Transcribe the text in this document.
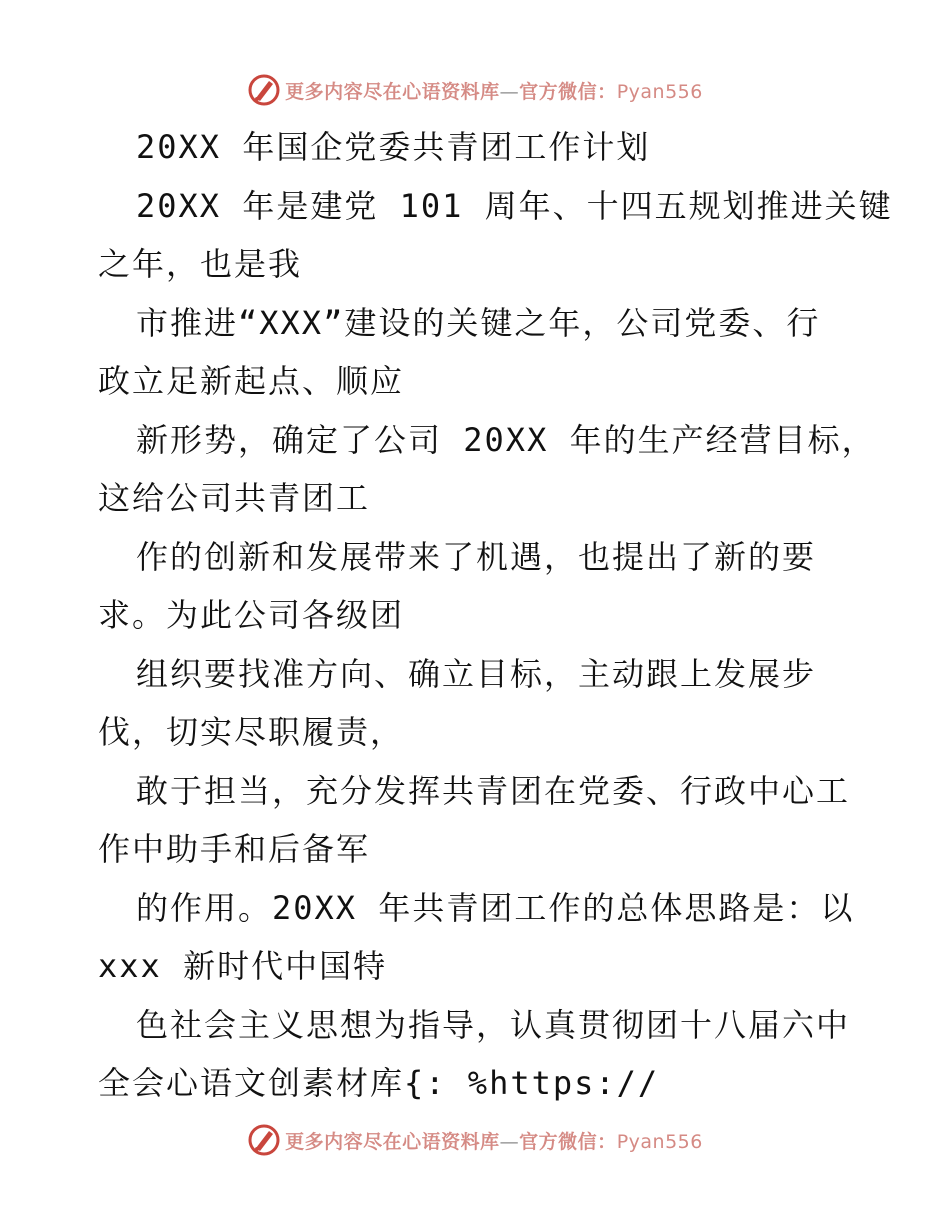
更多内容尽在心语资料库—官方微信：Pyan556
20XX 年国企党委共青团工作计划
20XX 年是建党 101 周年、十四五规划推进关键
之年，也是我
市推进“XXX”建设的关键之年，公司党委、行
政立足新起点、顺应
新形势，确定了公司 20XX 年的生产经营目标，
这给公司共青团工
作的创新和发展带来了机遇，也提出了新的要
求。为此公司各级团
组织要找准方向、确立目标，主动跟上发展步
伐，切实尽职履责，
敢于担当，充分发挥共青团在党委、行政中心工
作中助手和后备军
的作用。20XX 年共青团工作的总体思路是：以
xxx 新时代中国特
色社会主义思想为指导，认真贯彻团十八届六中
全会心语文创素材库{: %https://
更多内容尽在心语资料库—官方微信：Pyan556
